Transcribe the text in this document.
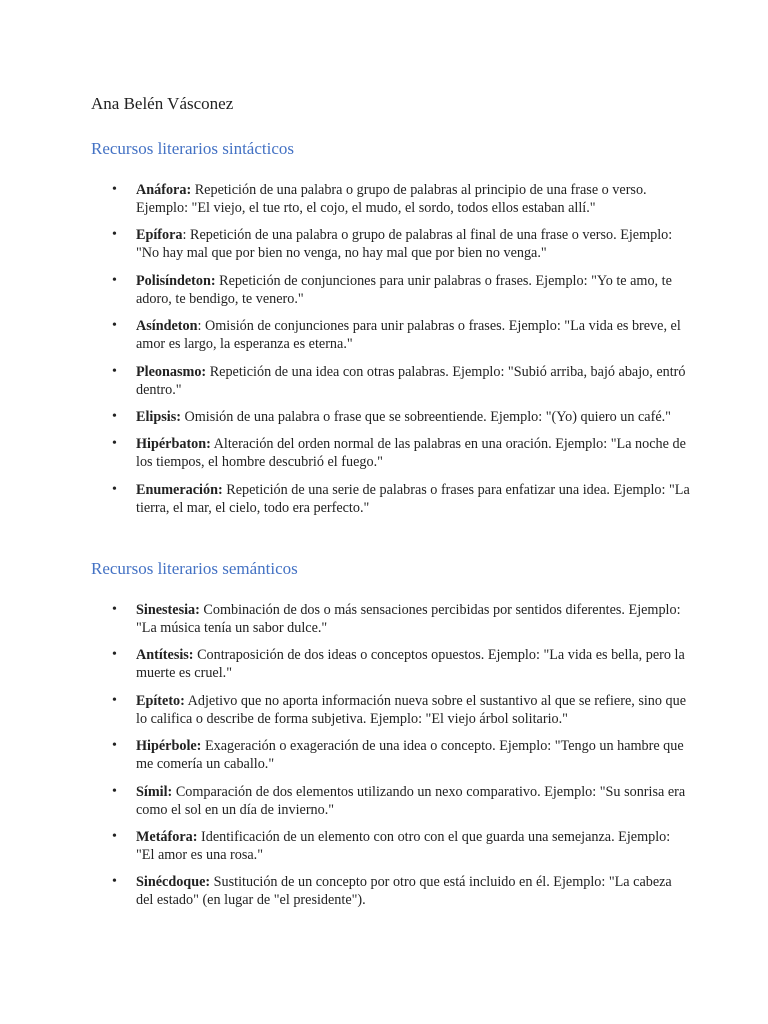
Ana Belén Vásconez
Recursos literarios sintácticos
• Anáfora: Repetición de una palabra o grupo de palabras al principio de una frase o verso. Ejemplo: "El viejo, el tue rto, el cojo, el mudo, el sordo, todos ellos estaban allí."
• Epífora: Repetición de una palabra o grupo de palabras al final de una frase o verso. Ejemplo: "No hay mal que por bien no venga, no hay mal que por bien no venga."
• Polisíndeton: Repetición de conjunciones para unir palabras o frases. Ejemplo: "Yo te amo, te adoro, te bendigo, te venero."
• Asíndeton: Omisión de conjunciones para unir palabras o frases. Ejemplo: "La vida es breve, el amor es largo, la esperanza es eterna."
• Pleonasmo: Repetición de una idea con otras palabras. Ejemplo: "Subió arriba, bajó abajo, entró dentro."
• Elipsis: Omisión de una palabra o frase que se sobreentiende. Ejemplo: "(Yo) quiero un café."
• Hipérbaton: Alteración del orden normal de las palabras en una oración. Ejemplo: "La noche de los tiempos, el hombre descubrió el fuego."
• Enumeración: Repetición de una serie de palabras o frases para enfatizar una idea. Ejemplo: "La tierra, el mar, el cielo, todo era perfecto."
Recursos literarios semánticos
• Sinestesia: Combinación de dos o más sensaciones percibidas por sentidos diferentes. Ejemplo: "La música tenía un sabor dulce."
• Antítesis: Contraposición de dos ideas o conceptos opuestos. Ejemplo: "La vida es bella, pero la muerte es cruel."
• Epíteto: Adjetivo que no aporta información nueva sobre el sustantivo al que se refiere, sino que lo califica o describe de forma subjetiva. Ejemplo: "El viejo árbol solitario."
• Hipérbole: Exageración o exageración de una idea o concepto. Ejemplo: "Tengo un hambre que me comería un caballo."
• Símil: Comparación de dos elementos utilizando un nexo comparativo. Ejemplo: "Su sonrisa era como el sol en un día de invierno."
• Metáfora: Identificación de un elemento con otro con el que guarda una semejanza. Ejemplo: "El amor es una rosa."
• Sinécdoque: Sustitución de un concepto por otro que está incluido en él. Ejemplo: "La cabeza del estado" (en lugar de "el presidente").
